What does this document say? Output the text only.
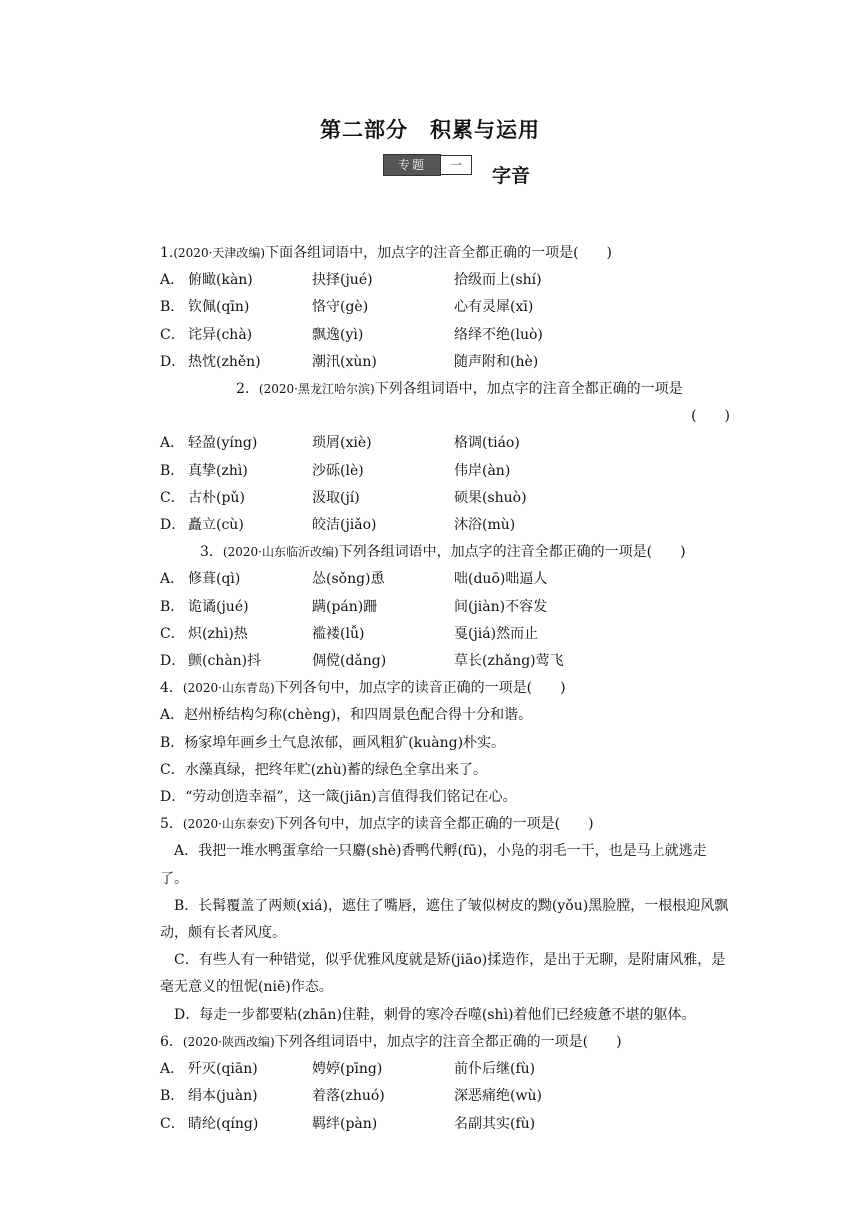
第二部分　积累与运用
专题	一	字音
1.(2020·天津改编)下面各组词语中，加点字的注音全都正确的一项是(　　)
A． 俯瞰(kàn)	抉择(jué)	拾级而上(shí)
B． 钦佩(qīn)	恪守(gè)	心有灵犀(xī)
C． 诧异(chà)	飘逸(yì)	络绎不绝(luò)
D． 热忱(zhěn)	潮汛(xùn)	随声附和(hè)
2．(2020·黑龙江哈尔滨)下列各组词语中，加点字的注音全都正确的一项是
(　　)
A． 轻盈(yíng)	琐屑(xiè)	格调(tiáo)
B． 真挚(zhì)	沙砾(lè)	伟岸(àn)
C． 古朴(pǔ)	汲取(jí)	硕果(shuò)
D． 矗立(cù)	皎洁(jiǎo)	沐浴(mù)
3．(2020·山东临沂改编)下列各组词语中，加点字的注音全都正确的一项是(　　)
A． 修葺(qì)	怂(sǒng)恿	咄(duō)咄逼人
B． 诡谲(jué)	蹒(pán)跚	间(jiàn)不容发
C． 炽(zhì)热	褴褛(lǚ)	戛(jiá)然而止
D． 颤(chàn)抖	倜傥(dǎng)	草长(zhǎng)莺飞
4．(2020·山东青岛)下列各句中，加点字的读音正确的一项是(　　)
A．赵州桥结构匀称(chèng)，和四周景色配合得十分和谐。
B．杨家埠年画乡土气息浓郁，画风粗犷(kuàng)朴实。
C．水藻真绿，把终年贮(zhù)蓄的绿色全拿出来了。
D．“劳动创造幸福”，这一箴(jiān)言值得我们铭记在心。
5．(2020·山东泰安)下列各句中，加点字的读音全都正确的一项是(　　)
A．我把一堆水鸭蛋拿给一只麝(shè)香鸭代孵(fū)，小凫的羽毛一干，也是马上就逃走了。
B．长髯覆盖了两颊(xiá)，遮住了嘴唇，遮住了皱似树皮的黝(yǒu)黑脸膛，一根根迎风飘动，颇有长者风度。
C．有些人有一种错觉，似乎优雅风度就是矫(jiāo)揉造作，是出于无聊，是附庸风雅，是毫无意义的忸怩(niē)作态。
D．每走一步都要粘(zhān)住鞋，刺骨的寒冷吞噬(shì)着他们已经疲惫不堪的躯体。
6．(2020·陕西改编)下列各组词语中，加点字的注音全都正确的一项是(　　)
A． 歼灭(qiān)	娉婷(pīng)	前仆后继(fù)
B． 绢本(juàn)	着落(zhuó)	深恶痛绝(wù)
C． 睛纶(qíng)	羁绊(pàn)	名副其实(fù)
